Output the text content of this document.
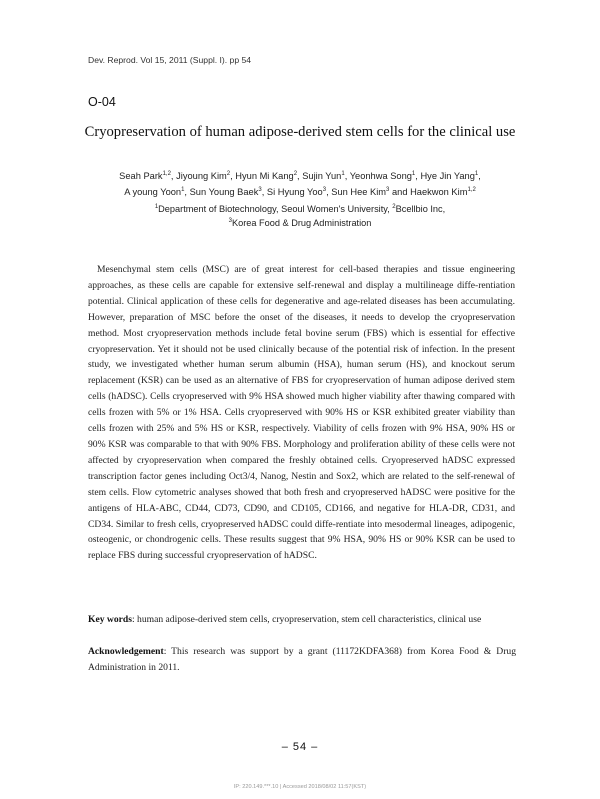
Dev. Reprod. Vol 15, 2011 (Suppl. I). pp 54
O-04
Cryopreservation of human adipose-derived stem cells for the clinical use
Seah Park$^{1,2}$, Jiyoung Kim$^2$, Hyun Mi Kang$^2$, Sujin Yun$^1$, Yeonhwa Song$^1$, Hye Jin Yang$^1$,
A young Yoon$^1$, Sun Young Baek$^3$, Si Hyung Yoo$^3$, Sun Hee Kim$^3$ and Haekwon Kim$^{1,2}$
$^1$Department of Biotechnology, Seoul Women's University, $^2$Bcellbio Inc,
$^3$Korea Food & Drug Administration

Mesenchymal stem cells (MSC) are of great interest for cell-based therapies and tissue engineering approaches, as these cells are capable for extensive self-renewal and display a multilineage diffe-rentiation potential. Clinical application of these cells for degenerative and age-related diseases has been accumulating. However, preparation of MSC before the onset of the diseases, it needs to develop the cryopreservation method. Most cryopreservation methods include fetal bovine serum (FBS) which is essential for effective cryopreservation. Yet it should not be used clinically because of the potential risk of infection. In the present study, we investigated whether human serum albumin (HSA), human serum (HS), and knockout serum replacement (KSR) can be used as an alternative of FBS for cryopreservation of human adipose derived stem cells (hADSC). Cells cryopreserved with 9% HSA showed much higher viability after thawing compared with cells frozen with 5% or 1% HSA. Cells cryopreserved with 90% HS or KSR exhibited greater viability than cells frozen with 25% and 5% HS or KSR, respectively. Viability of cells frozen with 9% HSA, 90% HS or 90% KSR was comparable to that with 90% FBS. Morphology and proliferation ability of these cells were not affected by cryopreservation when compared the freshly obtained cells. Cryopreserved hADSC expressed transcription factor genes including Oct3/4, Nanog, Nestin and Sox2, which are related to the self-renewal of stem cells. Flow cytometric analyses showed that both fresh and cryopreserved hADSC were positive for the antigens of HLA-ABC, CD44, CD73, CD90, and CD105, CD166, and negative for HLA-DR, CD31, and CD34. Similar to fresh cells, cryopreserved hADSC could diffe-rentiate into mesodermal lineages, adipogenic, osteogenic, or chondrogenic cells. These results suggest that 9% HSA, 90% HS or 90% KSR can be used to replace FBS during successful cryopreservation of hADSC.

Key words: human adipose-derived stem cells, cryopreservation, stem cell characteristics, clinical use
Acknowledgement: This research was support by a grant (11172KDFA368) from Korea Food & Drug Administration in 2011.
– 54 –
IP: 220.149.***.10 | Accessed 2018/08/02 11:57(KST)
